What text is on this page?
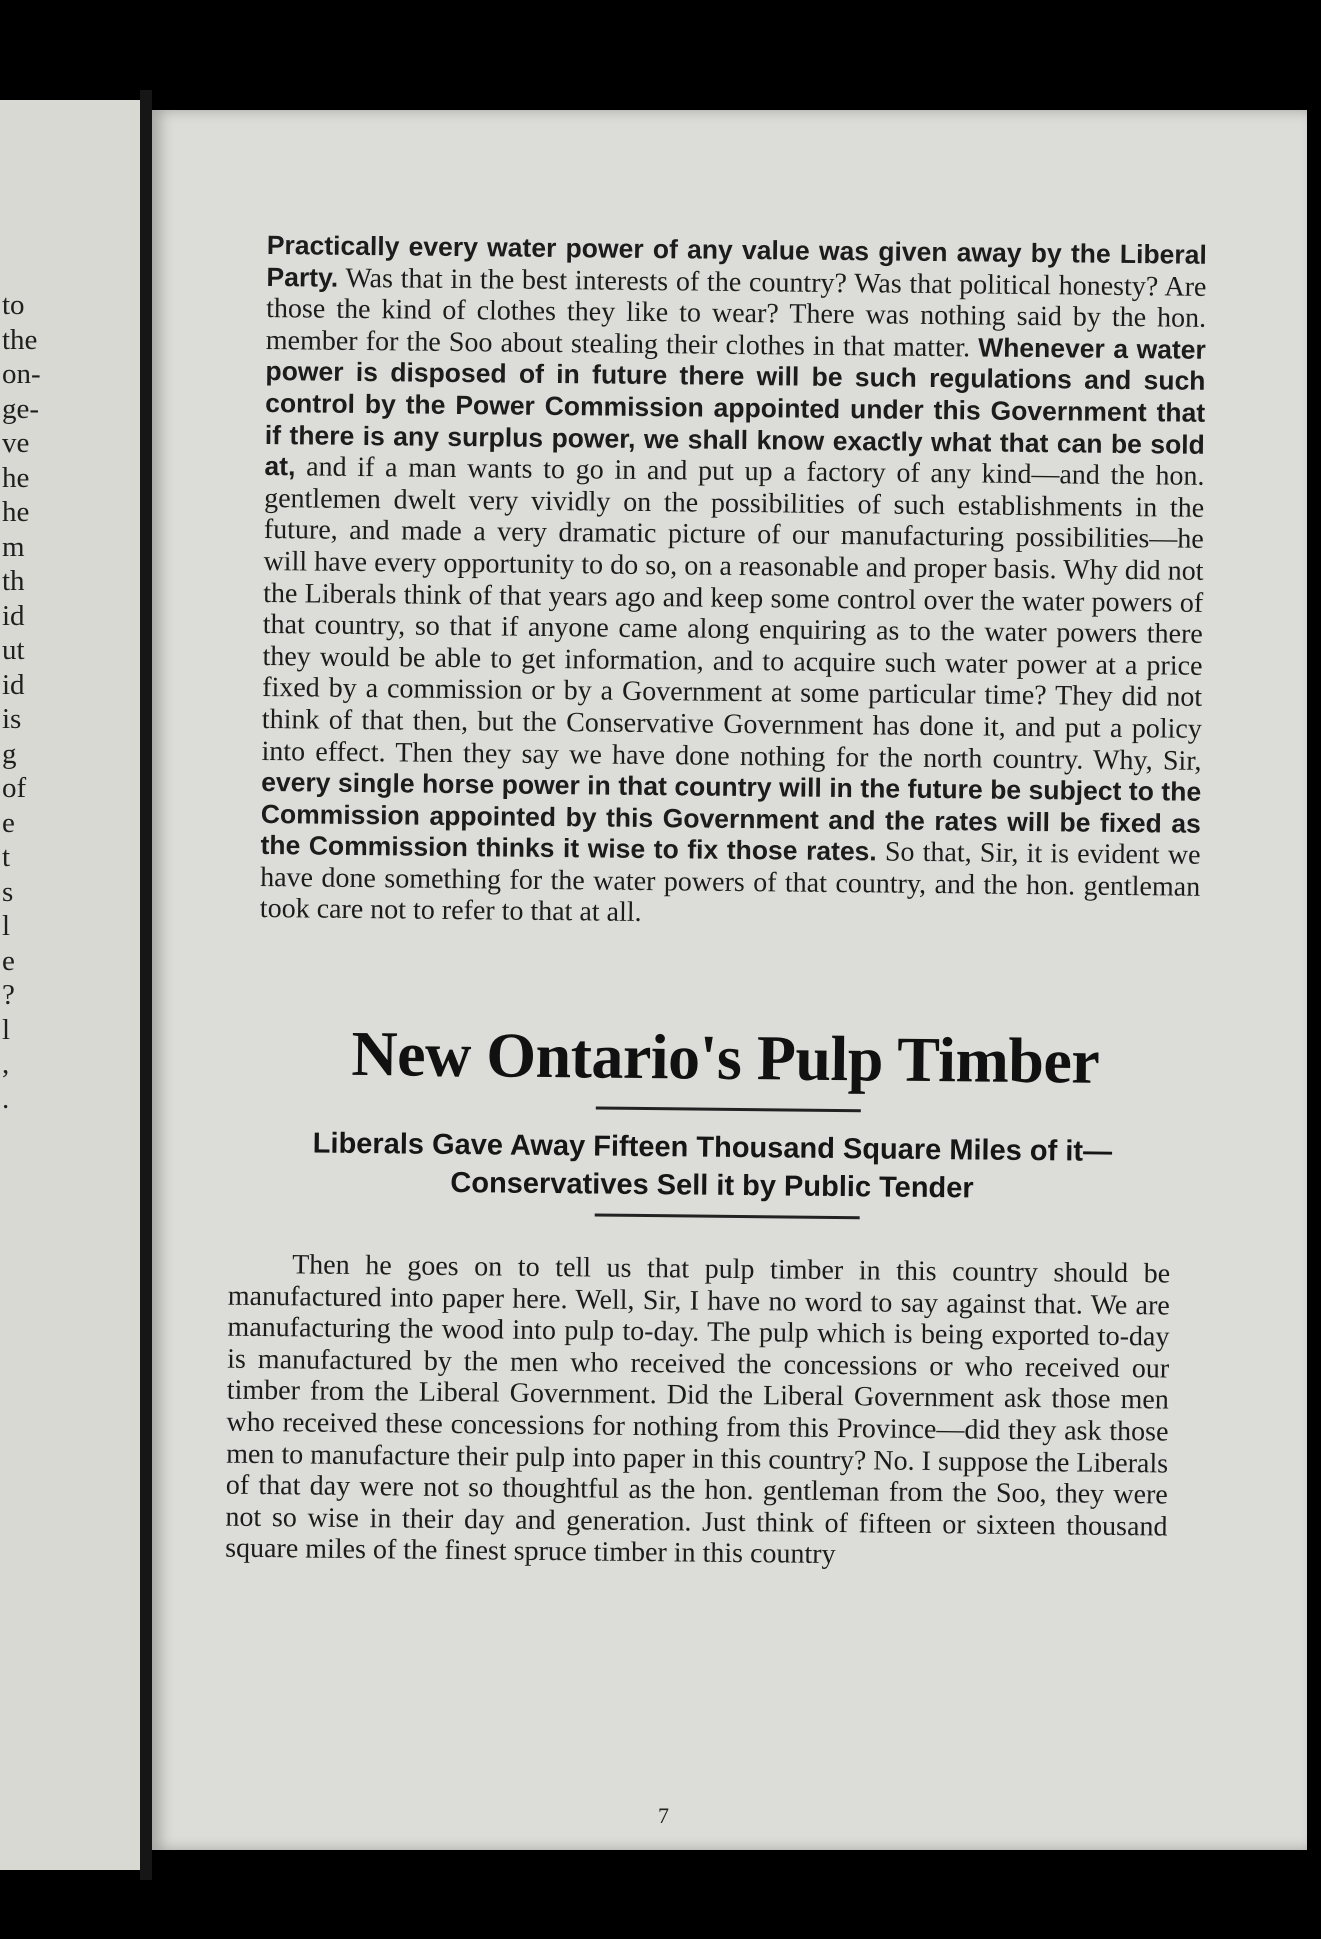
to
the
on-
ge-
ve
he
he
m
th
id
ut
id
is
g
of
e
t
s
l
e
?
l
,
.

Practically every water power of any value was given away by the Liberal Party. Was that in the best interests of the country? Was that political honesty? Are those the kind of clothes they like to wear? There was nothing said by the hon. member for the Soo about stealing their clothes in that matter. Whenever a water power is disposed of in future there will be such regulations and such control by the Power Commission appointed under this Government that if there is any surplus power, we shall know exactly what that can be sold at, and if a man wants to go in and put up a factory of any kind—and the hon. gentlemen dwelt very vividly on the possibilities of such establishments in the future, and made a very dramatic picture of our manufacturing possibilities—he will have every opportunity to do so, on a reasonable and proper basis. Why did not the Liberals think of that years ago and keep some control over the water powers of that country, so that if anyone came along enquiring as to the water powers there they would be able to get information, and to acquire such water power at a price fixed by a commission or by a Government at some particular time? They did not think of that then, but the Conservative Government has done it, and put a policy into effect. Then they say we have done nothing for the north country. Why, Sir, every single horse power in that country will in the future be subject to the Commission appointed by this Government and the rates will be fixed as the Commission thinks it wise to fix those rates. So that, Sir, it is evident we have done something for the water powers of that country, and the hon. gentleman took care not to refer to that at all.

New Ontario's Pulp Timber
Liberals Gave Away Fifteen Thousand Square Miles of it—
Conservatives Sell it by Public Tender

Then he goes on to tell us that pulp timber in this country should be manufactured into paper here. Well, Sir, I have no word to say against that. We are manufacturing the wood into pulp to-day. The pulp which is being exported to-day is manufactured by the men who received the concessions or who received our timber from the Liberal Government. Did the Liberal Government ask those men who received these concessions for nothing from this Province—did they ask those men to manufacture their pulp into paper in this country? No. I suppose the Liberals of that day were not so thoughtful as the hon. gentleman from the Soo, they were not so wise in their day and generation. Just think of fifteen or sixteen thousand square miles of the finest spruce timber in this country

7
